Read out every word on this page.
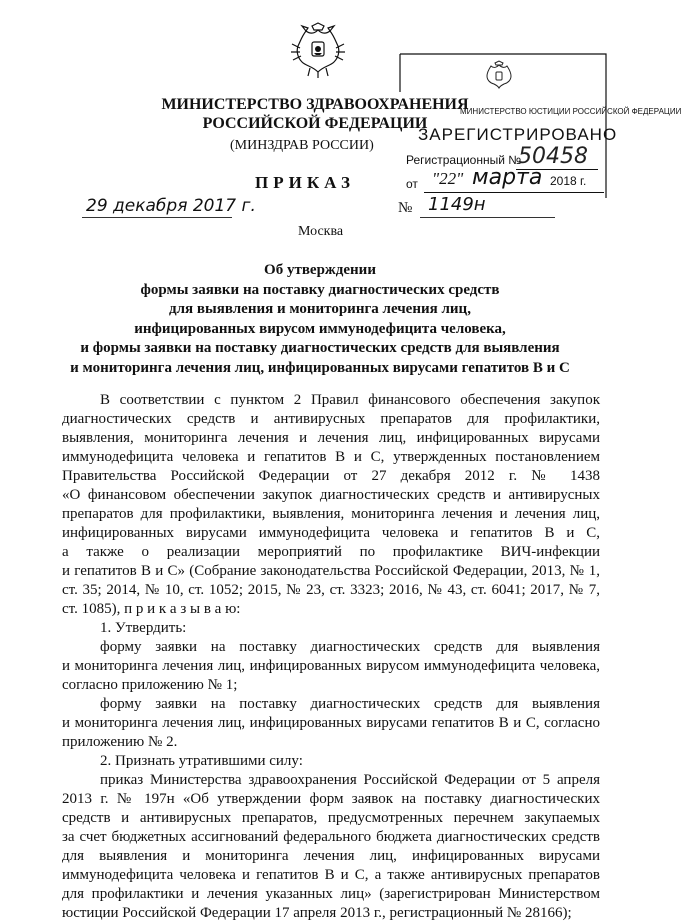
МИНИСТЕРСТВО ЗДРАВООХРАНЕНИЯ
РОССИЙСКОЙ ФЕДЕРАЦИИ
(МИНЗДРАВ РОССИИ)
ПРИКАЗ
МИНИСТЕРСТВО ЮСТИЦИИ РОССИЙСКОЙ ФЕДЕРАЦИИ
ЗАРЕГИСТРИРОВАНО
Регистрационный №
50458
от "22" марта 2018 г.
29 декабря 2017 г.	№ 1149н
Москва
Об утверждении
формы заявки на поставку диагностических средств
для выявления и мониторинга лечения лиц,
инфицированных вирусом иммунодефицита человека,
и формы заявки на поставку диагностических средств для выявления
и мониторинга лечения лиц, инфицированных вирусами гепатитов В и С
В соответствии с пунктом 2 Правил финансового обеспечения закупок
диагностических средств и антивирусных препаратов для профилактики,
выявления, мониторинга лечения и лечения лиц, инфицированных вирусами
иммунодефицита человека и гепатитов В и С, утвержденных постановлением
Правительства Российской Федерации от 27 декабря 2012 г. № 1438
«О финансовом обеспечении закупок диагностических средств и антивирусных
препаратов для профилактики, выявления, мониторинга лечения и лечения лиц,
инфицированных вирусами иммунодефицита человека и гепатитов В и С,
а также о реализации мероприятий по профилактике ВИЧ-инфекции
и гепатитов В и С» (Собрание законодательства Российской Федерации, 2013, № 1,
ст. 35; 2014, № 10, ст. 1052; 2015, № 23, ст. 3323; 2016, № 43, ст. 6041; 2017, № 7,
ст. 1085), п р и к а з ы в а ю:
1. Утвердить:
форму заявки на поставку диагностических средств для выявления
и мониторинга лечения лиц, инфицированных вирусом иммунодефицита человека,
согласно приложению № 1;
форму заявки на поставку диагностических средств для выявления
и мониторинга лечения лиц, инфицированных вирусами гепатитов В и С, согласно
приложению № 2.
2. Признать утратившими силу:
приказ Министерства здравоохранения Российской Федерации от 5 апреля
2013 г. № 197н «Об утверждении форм заявок на поставку диагностических
средств и антивирусных препаратов, предусмотренных перечнем закупаемых
за счет бюджетных ассигнований федерального бюджета диагностических средств
для выявления и мониторинга лечения лиц, инфицированных вирусами
иммунодефицита человека и гепатитов В и С, а также антивирусных препаратов
для профилактики и лечения указанных лиц» (зарегистрирован Министерством
юстиции Российской Федерации 17 апреля 2013 г., регистрационный № 28166);
